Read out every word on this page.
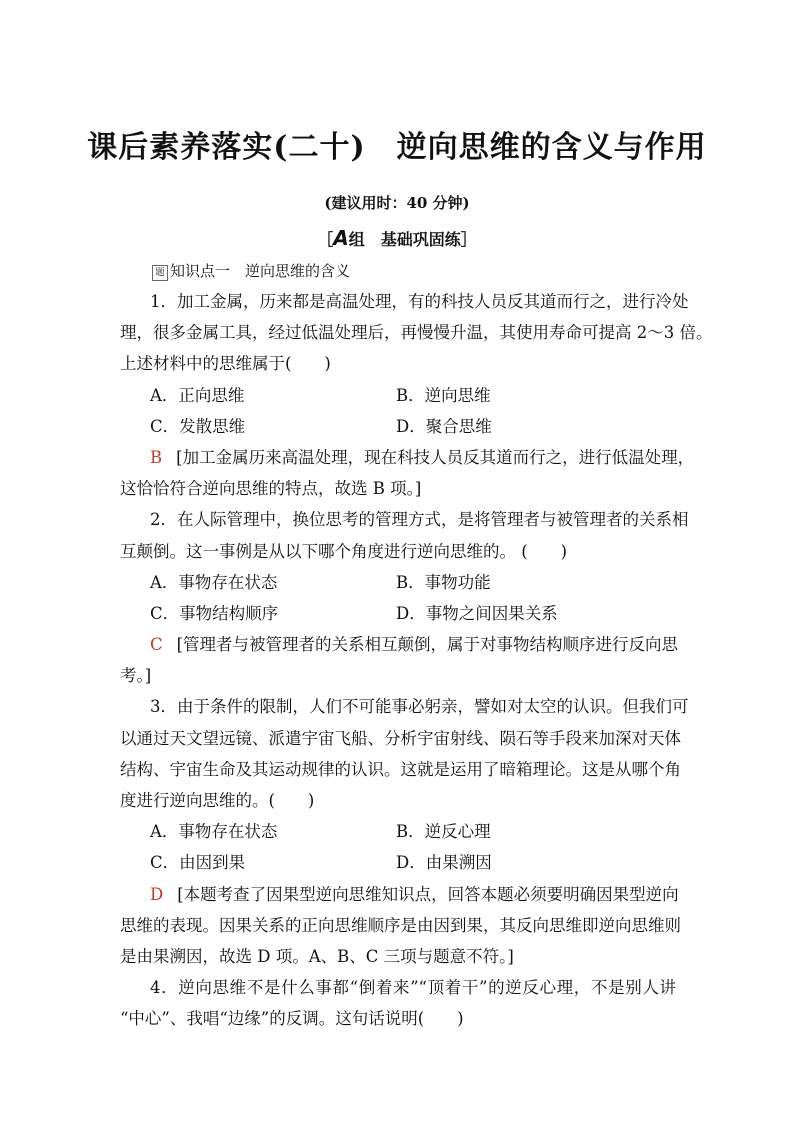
课后素养落实(二十)　逆向思维的含义与作用
(建议用时：40 分钟)
［A组　基础巩固练］
题 知识点一　逆向思维的含义
1．加工金属，历来都是高温处理，有的科技人员反其道而行之，进行冷处
理，很多金属工具，经过低温处理后，再慢慢升温，其使用寿命可提高 2～3 倍。
上述材料中的思维属于(　　)
A．正向思维	B．逆向思维
C．发散思维	D．聚合思维
B [加工金属历来高温处理，现在科技人员反其道而行之，进行低温处理，
这恰恰符合逆向思维的特点，故选 B 项。]
2．在人际管理中，换位思考的管理方式，是将管理者与被管理者的关系相
互颠倒。这一事例是从以下哪个角度进行逆向思维的。 (　　)
A．事物存在状态	B．事物功能
C．事物结构顺序	D．事物之间因果关系
C [管理者与被管理者的关系相互颠倒，属于对事物结构顺序进行反向思
考。]
3．由于条件的限制，人们不可能事必躬亲，譬如对太空的认识。但我们可
以通过天文望远镜、派遣宇宙飞船、分析宇宙射线、陨石等手段来加深对天体
结构、宇宙生命及其运动规律的认识。这就是运用了暗箱理论。这是从哪个角
度进行逆向思维的。(　　)
A．事物存在状态	B．逆反心理
C．由因到果	D．由果溯因
D [本题考查了因果型逆向思维知识点，回答本题必须要明确因果型逆向
思维的表现。因果关系的正向思维顺序是由因到果，其反向思维即逆向思维则
是由果溯因，故选 D 项。A、B、C 三项与题意不符。]
4．逆向思维不是什么事都“倒着来”“顶着干”的逆反心理，不是别人讲
“中心”、我唱“边缘”的反调。这句话说明(　　)
